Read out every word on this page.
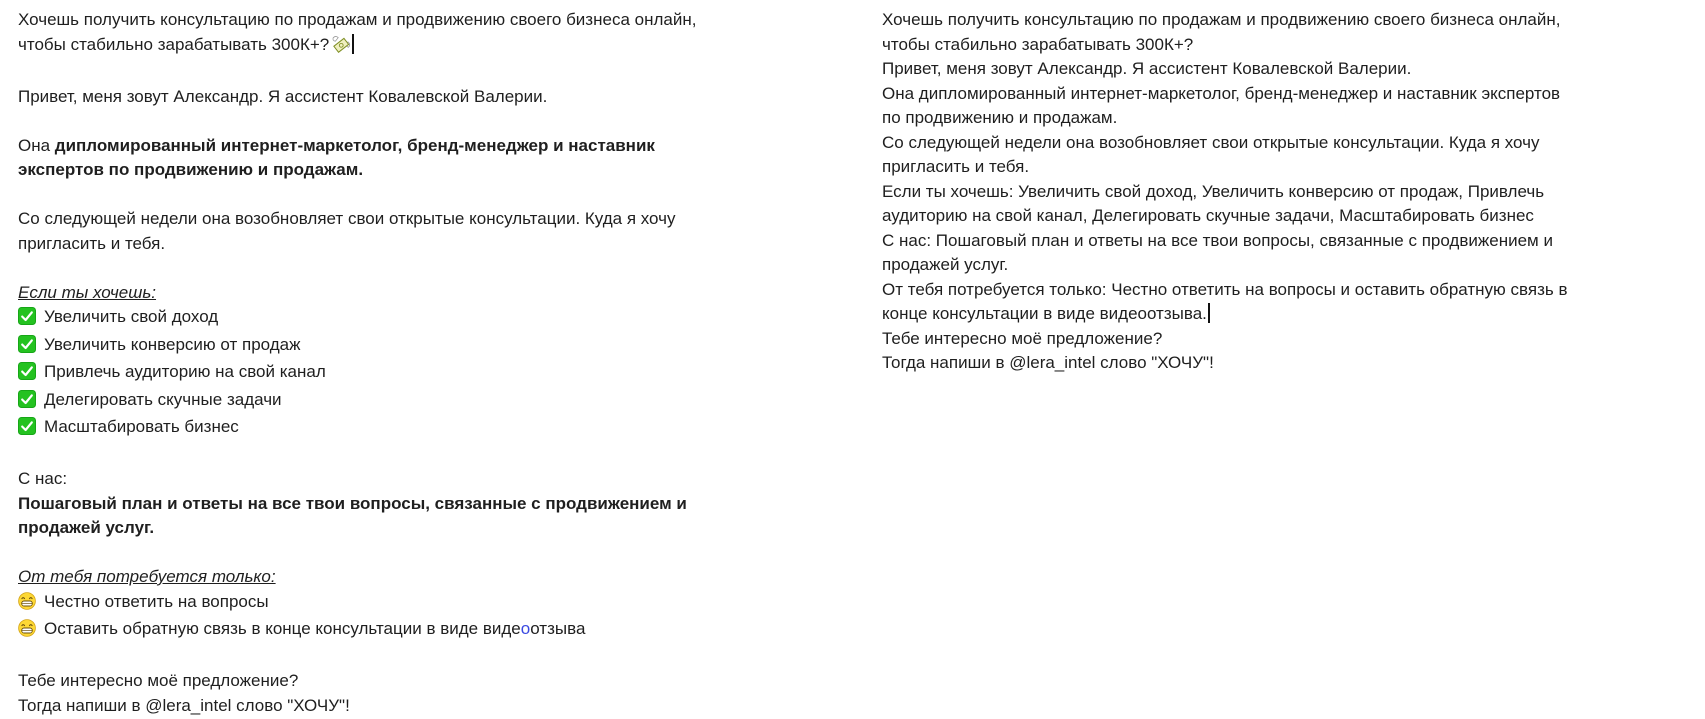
Хочешь получить консультацию по продажам и продвижению своего бизнеса онлайн,
чтобы стабильно зарабатывать 300К+?
Привет, меня зовут Александр. Я ассистент Ковалевской Валерии.
Она дипломированный интернет-маркетолог, бренд-менеджер и наставник
экспертов по продвижению и продажам.
Со следующей недели она возобновляет свои открытые консультации. Куда я хочу
пригласить и тебя.
Если ты хочешь:
Увеличить свой доход
Увеличить конверсию от продаж
Привлечь аудиторию на свой канал
Делегировать скучные задачи
Масштабировать бизнес
С нас:
Пошаговый план и ответы на все твои вопросы, связанные с продвижением и
продажей услуг.
От тебя потребуется только:
Честно ответить на вопросы
Оставить обратную связь в конце консультации в виде видеоотзыва
Тебе интересно моё предложение?
Тогда напиши в @lera_intel слово "ХОЧУ"!
Хочешь получить консультацию по продажам и продвижению своего бизнеса онлайн,
чтобы стабильно зарабатывать 300К+?
Привет, меня зовут Александр. Я ассистент Ковалевской Валерии.
Она дипломированный интернет-маркетолог, бренд-менеджер и наставник экспертов
по продвижению и продажам.
Со следующей недели она возобновляет свои открытые консультации. Куда я хочу
пригласить и тебя.
Если ты хочешь: Увеличить свой доход, Увеличить конверсию от продаж, Привлечь
аудиторию на свой канал, Делегировать скучные задачи, Масштабировать бизнес
С нас: Пошаговый план и ответы на все твои вопросы, связанные с продвижением и
продажей услуг.
От тебя потребуется только: Честно ответить на вопросы и оставить обратную связь в
конце консультации в виде видеоотзыва.
Тебе интересно моё предложение?
Тогда напиши в @lera_intel слово "ХОЧУ"!
